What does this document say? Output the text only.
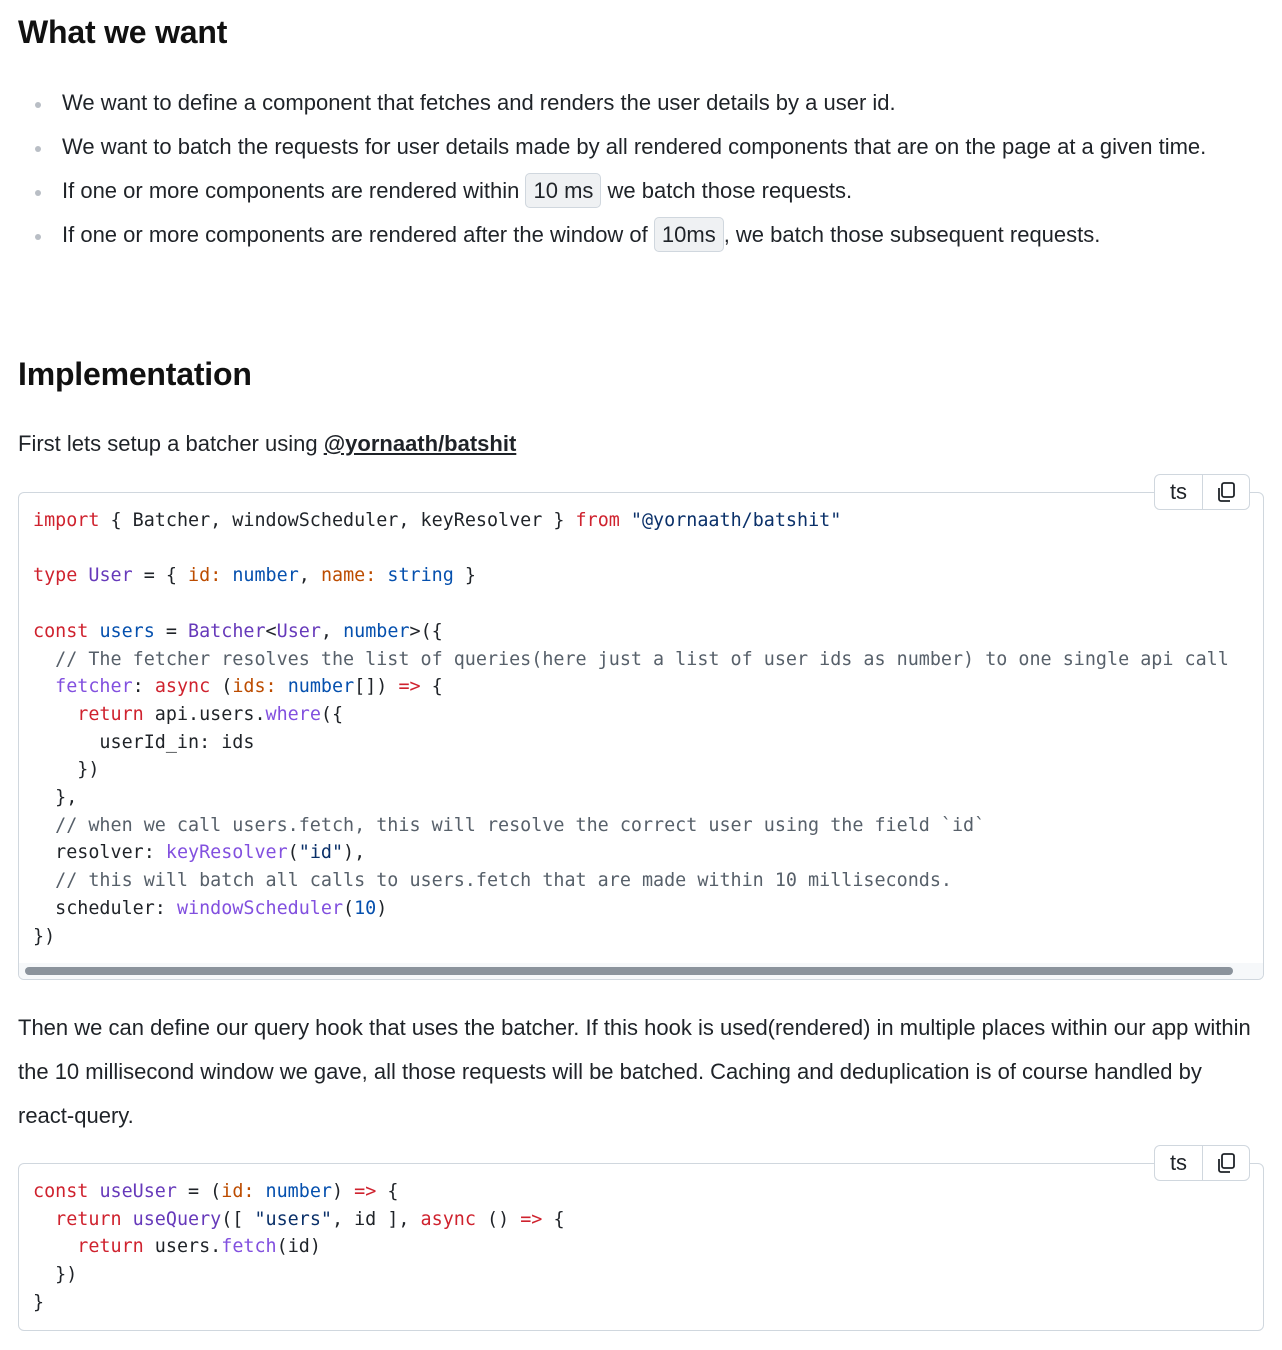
What we want
We want to define a component that fetches and renders the user details by a user id.
We want to batch the requests for user details made by all rendered components that are on the page at a given time.
If one or more components are rendered within 10 ms we batch those requests.
If one or more components are rendered after the window of 10ms , we batch those subsequent requests.
Implementation

First lets setup a batcher using @yornaath/batshit

ts
import { Batcher, windowScheduler, keyResolver } from "@yornaath/batshit"

type User = { id: number, name: string }

const users = Batcher<User, number>({
// The fetcher resolves the list of queries(here just a list of user ids as number) to one single api call
fetcher: async (ids: number[]) => {
return api.users.where({
userId_in: ids
})
},
// when we call users.fetch, this will resolve the correct user using the field `id`
resolver: keyResolver("id"),
// this will batch all calls to users.fetch that are made within 10 milliseconds.
scheduler: windowScheduler(10)
})

Then we can define our query hook that uses the batcher. If this hook is used(rendered) in multiple places within our app within the 10 millisecond window we gave, all those requests will be batched. Caching and deduplication is of course handled by react-query.

ts
const useUser = (id: number) => {
return useQuery([ "users", id ], async () => {
return users.fetch(id)
})
}
